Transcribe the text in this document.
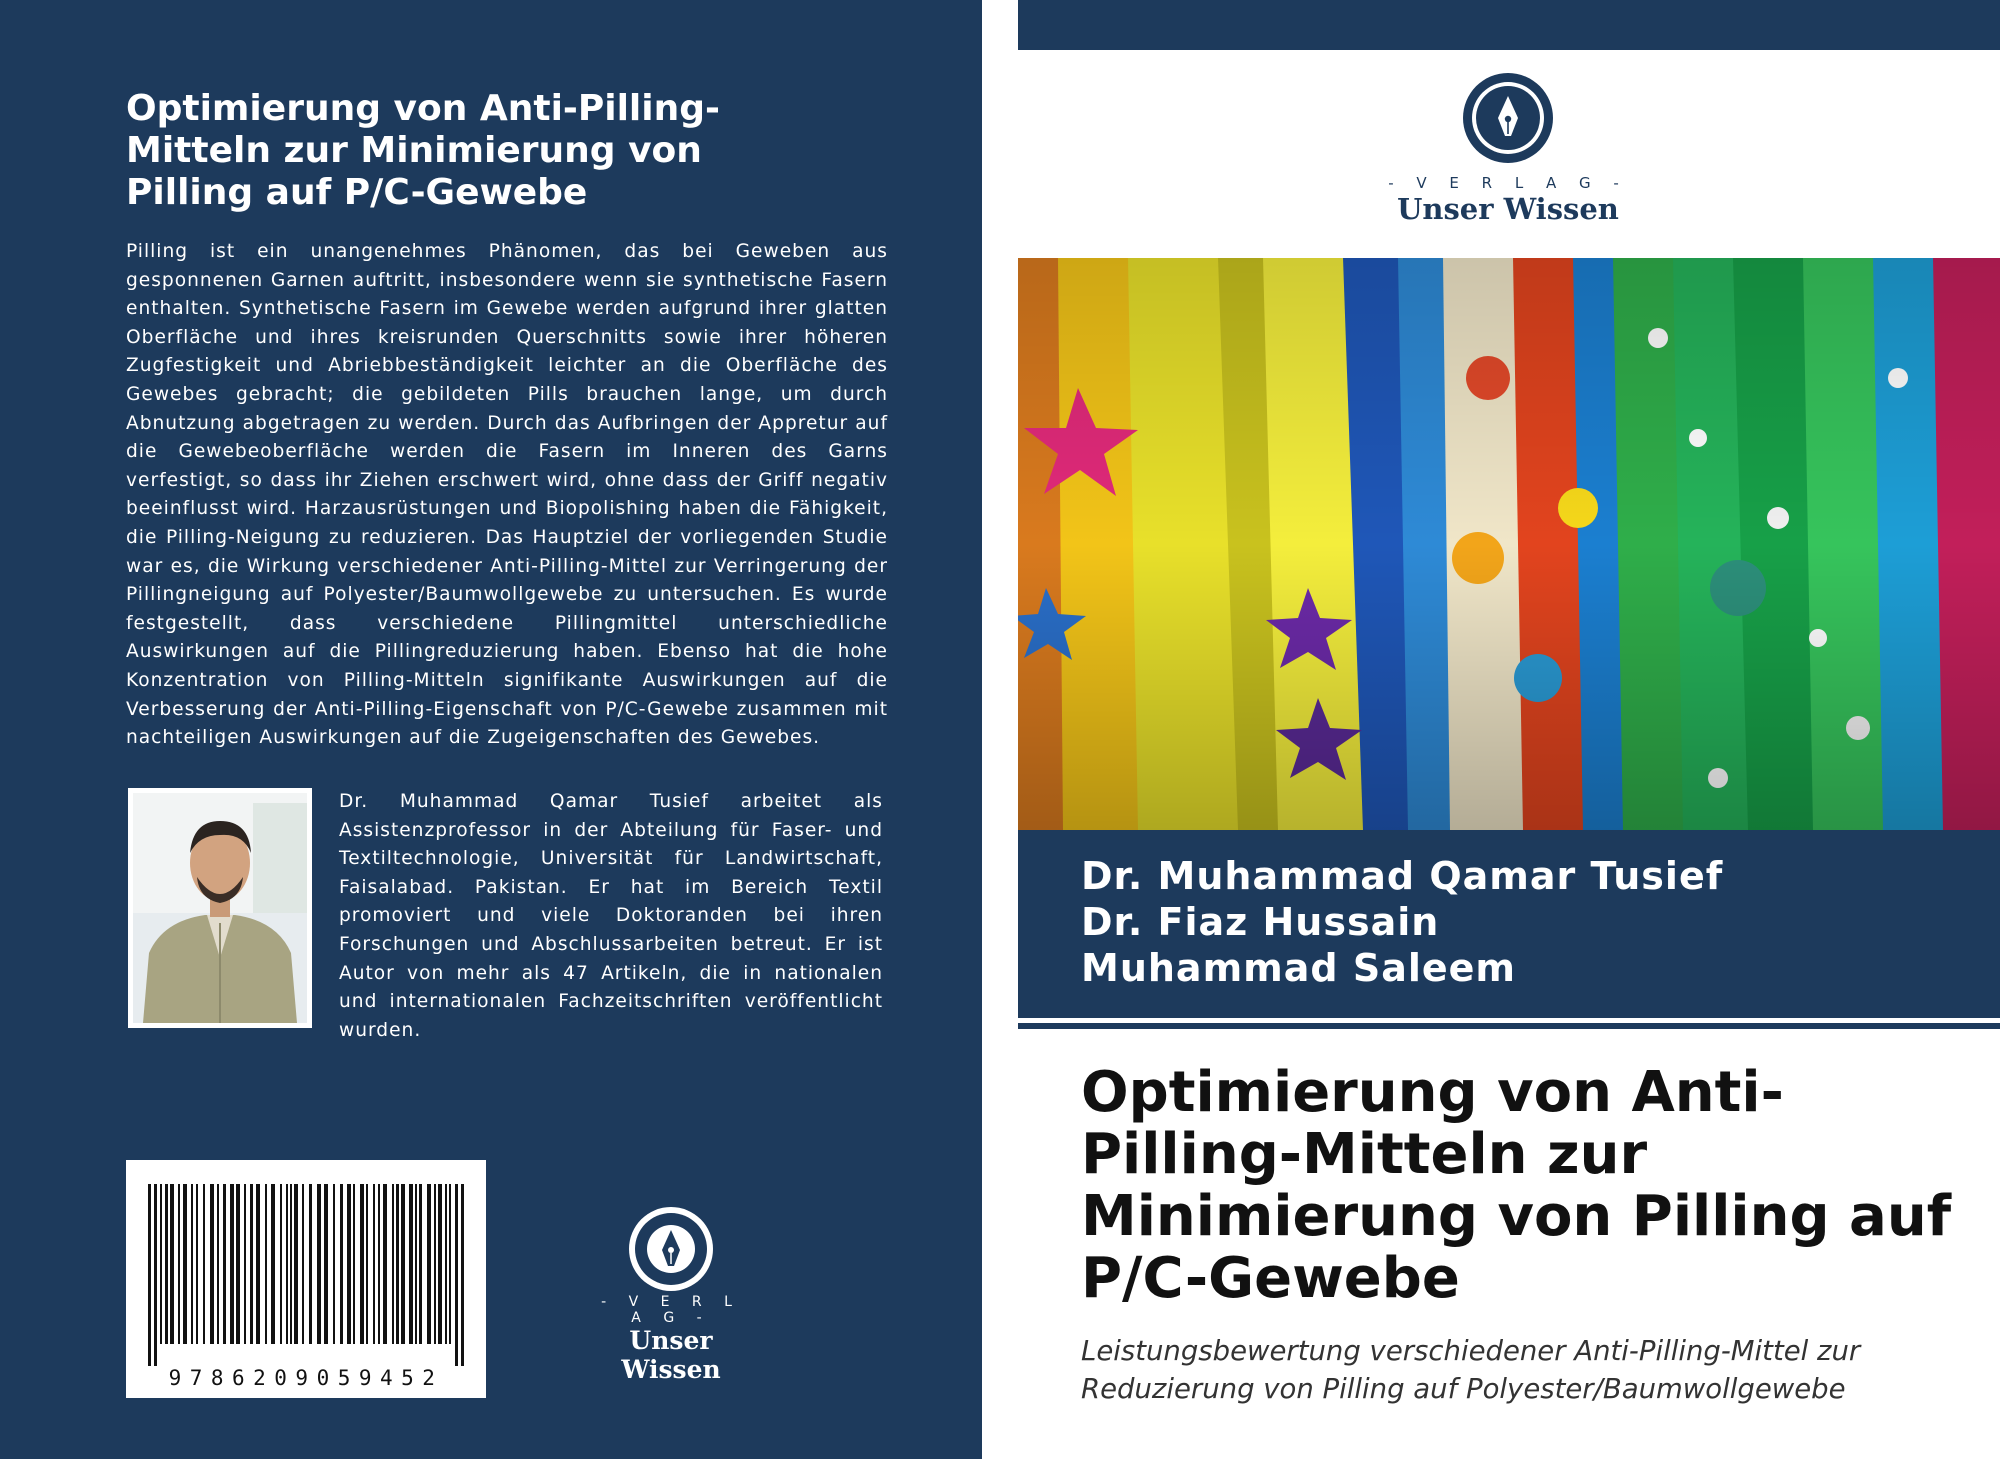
Optimierung von Anti-Pilling-Mitteln zur Minimierung von Pilling auf P/C-Gewebe

Pilling ist ein unangenehmes Phänomen, das bei Geweben aus gesponnenen Garnen auftritt, insbesondere wenn sie synthetische Fasern enthalten. Synthetische Fasern im Gewebe werden aufgrund ihrer glatten Oberfläche und ihres kreisrunden Querschnitts sowie ihrer höheren Zugfestigkeit und Abriebbeständigkeit leichter an die Oberfläche des Gewebes gebracht; die gebildeten Pills brauchen lange, um durch Abnutzung abgetragen zu werden. Durch das Aufbringen der Appretur auf die Gewebeoberfläche werden die Fasern im Inneren des Garns verfestigt, so dass ihr Ziehen erschwert wird, ohne dass der Griff negativ beeinflusst wird. Harzausrüstungen und Biopolishing haben die Fähigkeit, die Pilling-Neigung zu reduzieren. Das Hauptziel der vorliegenden Studie war es, die Wirkung verschiedener Anti-Pilling-Mittel zur Verringerung der Pillingneigung auf Polyester/Baumwollgewebe zu untersuchen. Es wurde festgestellt, dass verschiedene Pillingmittel unterschiedliche Auswirkungen auf die Pillingreduzierung haben. Ebenso hat die hohe Konzentration von Pilling-Mitteln signifikante Auswirkungen auf die Verbesserung der Anti-Pilling-Eigenschaft von P/C-Gewebe zusammen mit nachteiligen Auswirkungen auf die Zugeigenschaften des Gewebes.

Dr. Muhammad Qamar Tusief arbeitet als Assistenzprofessor in der Abteilung für Faser- und Textiltechnologie, Universität für Landwirtschaft, Faisalabad. Pakistan. Er hat im Bereich Textil promoviert und viele Doktoranden bei ihren Forschungen und Abschlussarbeiten betreut. Er ist Autor von mehr als 47 Artikeln, die in nationalen und internationalen Fachzeitschriften veröffentlicht wurden.

9786209059452
- V E R L A G -
Unser Wissen
- V E R L A G -
Unser Wissen
Dr. Muhammad Qamar Tusief
Dr. Fiaz Hussain
Muhammad Saleem
Optimierung von Anti-Pilling-Mitteln zur Minimierung von Pilling auf P/C-Gewebe

Leistungsbewertung verschiedener Anti-Pilling-Mittel zur Reduzierung von Pilling auf Polyester/Baumwollgewebe
